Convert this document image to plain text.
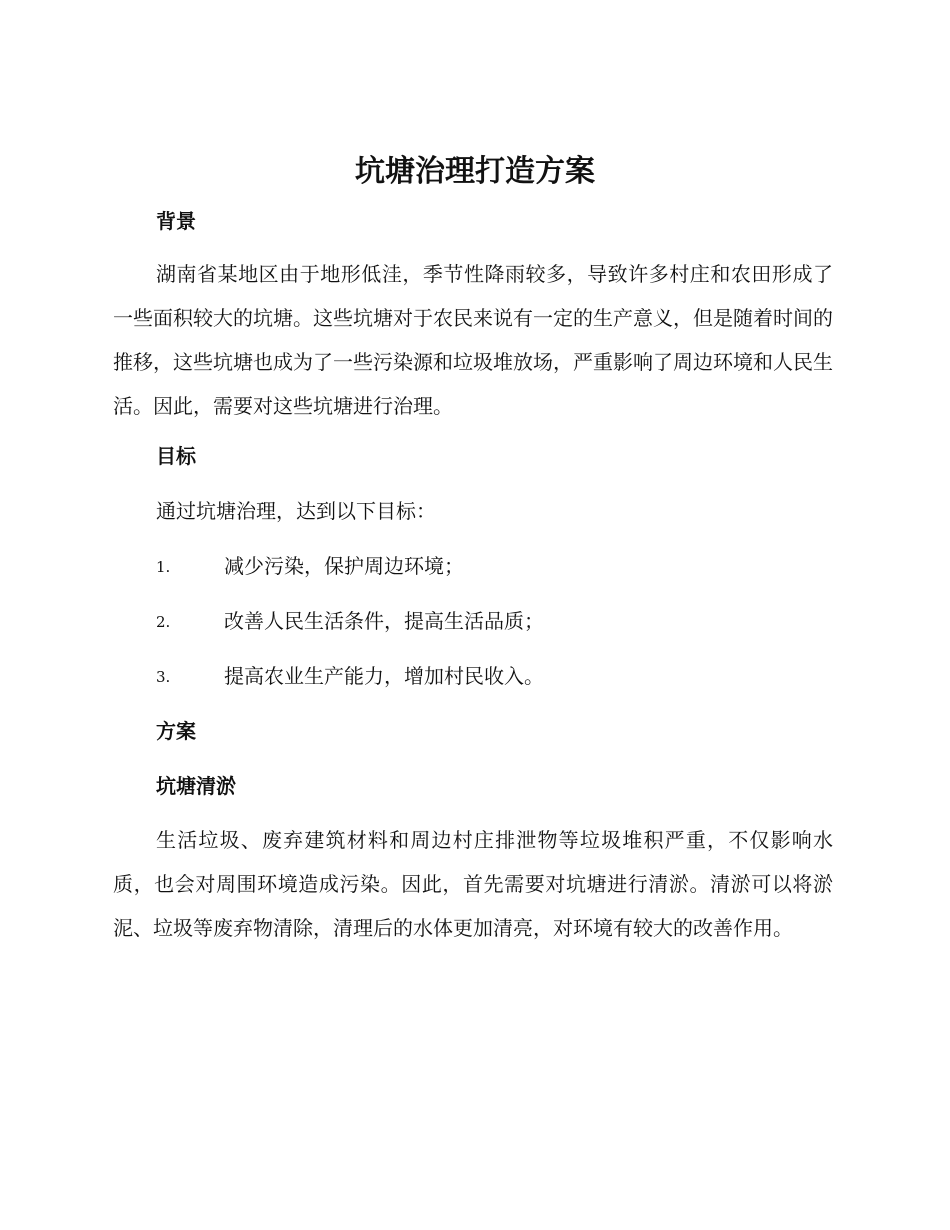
坑塘治理打造方案
背景

湖南省某地区由于地形低洼，季节性降雨较多，导致许多村庄和农田形成了一些面积较大的坑塘。这些坑塘对于农民来说有一定的生产意义，但是随着时间的推移，这些坑塘也成为了一些污染源和垃圾堆放场，严重影响了周边环境和人民生活。因此，需要对这些坑塘进行治理。

目标

通过坑塘治理，达到以下目标：

1.	减少污染，保护周边环境；
2.	改善人民生活条件，提高生活品质；
3.	提高农业生产能力，增加村民收入。
方案
坑塘清淤

生活垃圾、废弃建筑材料和周边村庄排泄物等垃圾堆积严重，不仅影响水质，也会对周围环境造成污染。因此，首先需要对坑塘进行清淤。清淤可以将淤泥、垃圾等废弃物清除，清理后的水体更加清亮，对环境有较大的改善作用。
